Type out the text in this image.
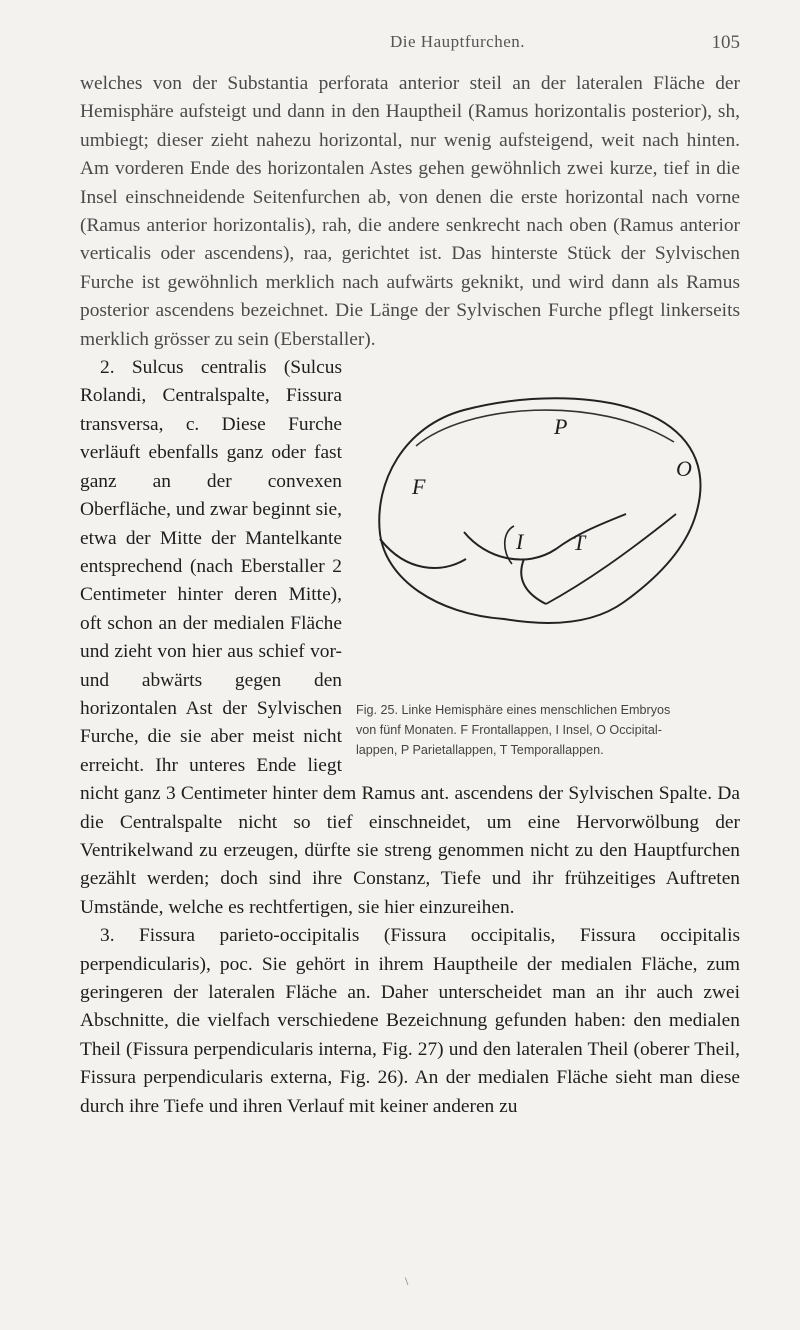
Die Hauptfurchen.	105

welches von der Substantia perforata anterior steil an der lateralen Fläche der Hemisphäre aufsteigt und dann in den Hauptheil (Ramus horizontalis posterior), sh, umbiegt; dieser zieht nahezu horizontal, nur wenig aufsteigend, weit nach hinten. Am vorderen Ende des horizontalen Astes gehen gewöhnlich zwei kurze, tief in die Insel einschneidende Seitenfurchen ab, von denen die erste horizontal nach vorne (Ramus anterior horizontalis), rah, die andere senkrecht nach oben (Ramus anterior verticalis oder ascendens), raa, gerichtet ist. Das hinterste Stück der Sylvischen Furche ist gewöhnlich merklich nach aufwärts geknikt, und wird dann als Ramus posterior ascendens bezeichnet. Die Länge der Sylvischen Furche pflegt linkerseits merklich grösser zu sein (Eberstaller).

P
O
F
I T
Fig. 25. Linke Hemisphäre eines menschlichen Embryos
von fünf Monaten. F Frontallappen, I Insel, O Occipital-
lappen, P Parietallappen, T Temporallappen.

2. Sulcus centralis (Sulcus Rolandi, Centralspalte, Fissura transversa, c. Diese Furche verläuft ebenfalls ganz oder fast ganz an der convexen Oberfläche, und zwar beginnt sie, etwa der Mitte der Mantelkante entsprechend (nach Eberstaller 2 Centimeter hinter deren Mitte), oft schon an der medialen Fläche und zieht von hier aus schief vor- und abwärts gegen den horizontalen Ast der Sylvischen Furche, die sie aber meist nicht erreicht. Ihr unteres Ende liegt nicht ganz 3 Centimeter hinter dem Ramus ant. ascendens der Sylvischen Spalte. Da die Centralspalte nicht so tief einschneidet, um eine Hervorwölbung der Ventrikelwand zu erzeugen, dürfte sie streng genommen nicht zu den Hauptfurchen gezählt werden; doch sind ihre Constanz, Tiefe und ihr frühzeitiges Auftreten Umstände, welche es rechtfertigen, sie hier einzureihen.

3. Fissura parieto-occipitalis (Fissura occipitalis, Fissura occipitalis perpendicularis), poc. Sie gehört in ihrem Hauptheile der medialen Fläche, zum geringeren der lateralen Fläche an. Daher unterscheidet man an ihr auch zwei Abschnitte, die vielfach verschiedene Bezeichnung gefunden haben: den medialen Theil (Fissura perpendicularis interna, Fig. 27) und den lateralen Theil (oberer Theil, Fissura perpendicularis externa, Fig. 26). An der medialen Fläche sieht man diese durch ihre Tiefe und ihren Verlauf mit keiner anderen zu

\
